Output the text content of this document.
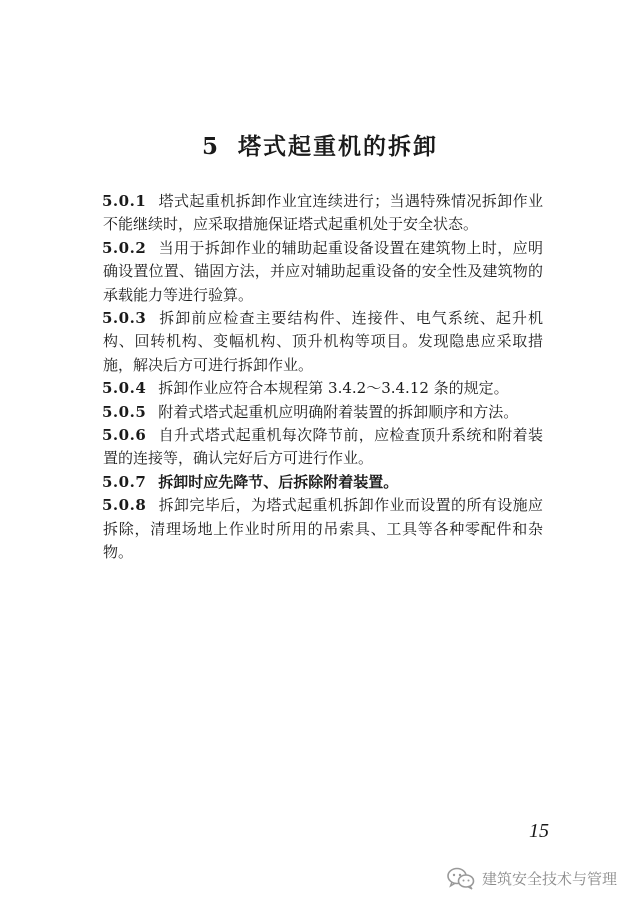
5 塔式起重机的拆卸

5.0.1 塔式起重机拆卸作业宜连续进行；当遇特殊情况拆卸作业不能继续时，应采取措施保证塔式起重机处于安全状态。

5.0.2 当用于拆卸作业的辅助起重设备设置在建筑物上时，应明确设置位置、锚固方法，并应对辅助起重设备的安全性及建筑物的承载能力等进行验算。

5.0.3 拆卸前应检查主要结构件、连接件、电气系统、起升机构、回转机构、变幅机构、顶升机构等项目。发现隐患应采取措施，解决后方可进行拆卸作业。

5.0.4 拆卸作业应符合本规程第 3.4.2～3.4.12 条的规定。

5.0.5 附着式塔式起重机应明确附着装置的拆卸顺序和方法。

5.0.6 自升式塔式起重机每次降节前，应检查顶升系统和附着装置的连接等，确认完好后方可进行作业。

5.0.7 拆卸时应先降节、后拆除附着装置。

5.0.8 拆卸完毕后，为塔式起重机拆卸作业而设置的所有设施应拆除，清理场地上作业时所用的吊索具、工具等各种零配件和杂物。

15
建筑安全技术与管理
